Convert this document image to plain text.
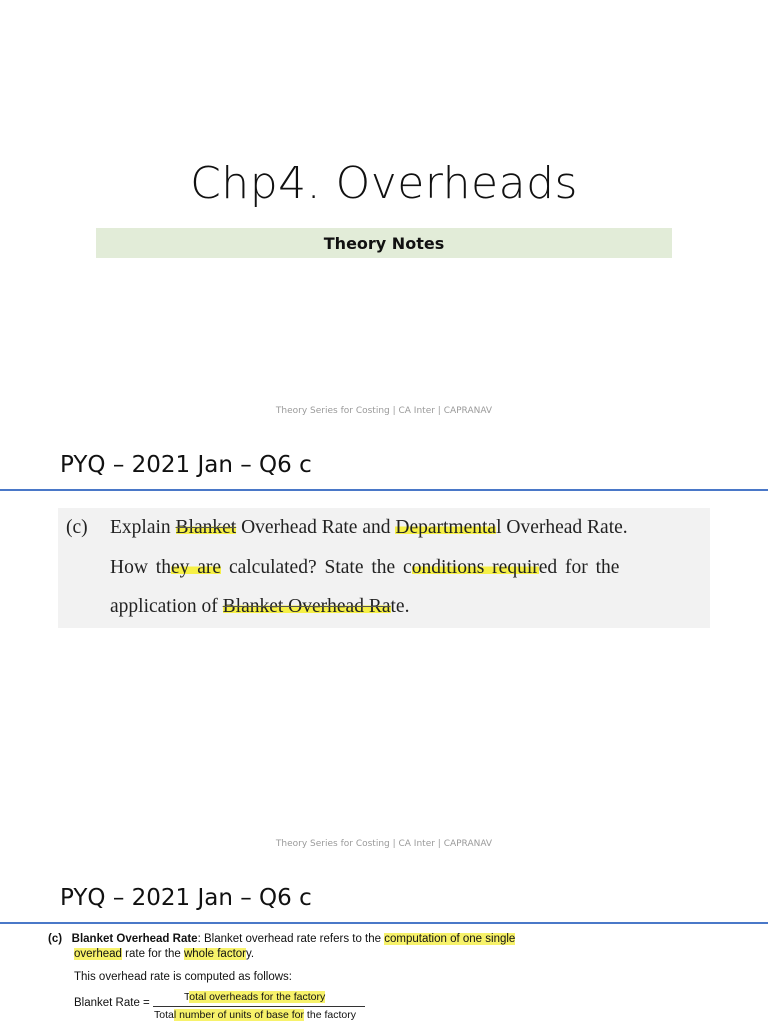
Chp4. Overheads
Theory Notes
Theory Series for Costing | CA Inter | CAPRANAV
PYQ – 2021 Jan – Q6 c
(c) Explain Blanket Overhead Rate and Departmental Overhead Rate.
How they are calculated? State the conditions required for the
application of Blanket Overhead Rate.
Theory Series for Costing | CA Inter | CAPRANAV
PYQ – 2021 Jan – Q6 c
(c) Blanket Overhead Rate: Blanket overhead rate refers to the computation of one single
overhead rate for the whole factory.
This overhead rate is computed as follows:
Blanket Rate =	Total overheads for the factory
Total number of units of base for the factory
